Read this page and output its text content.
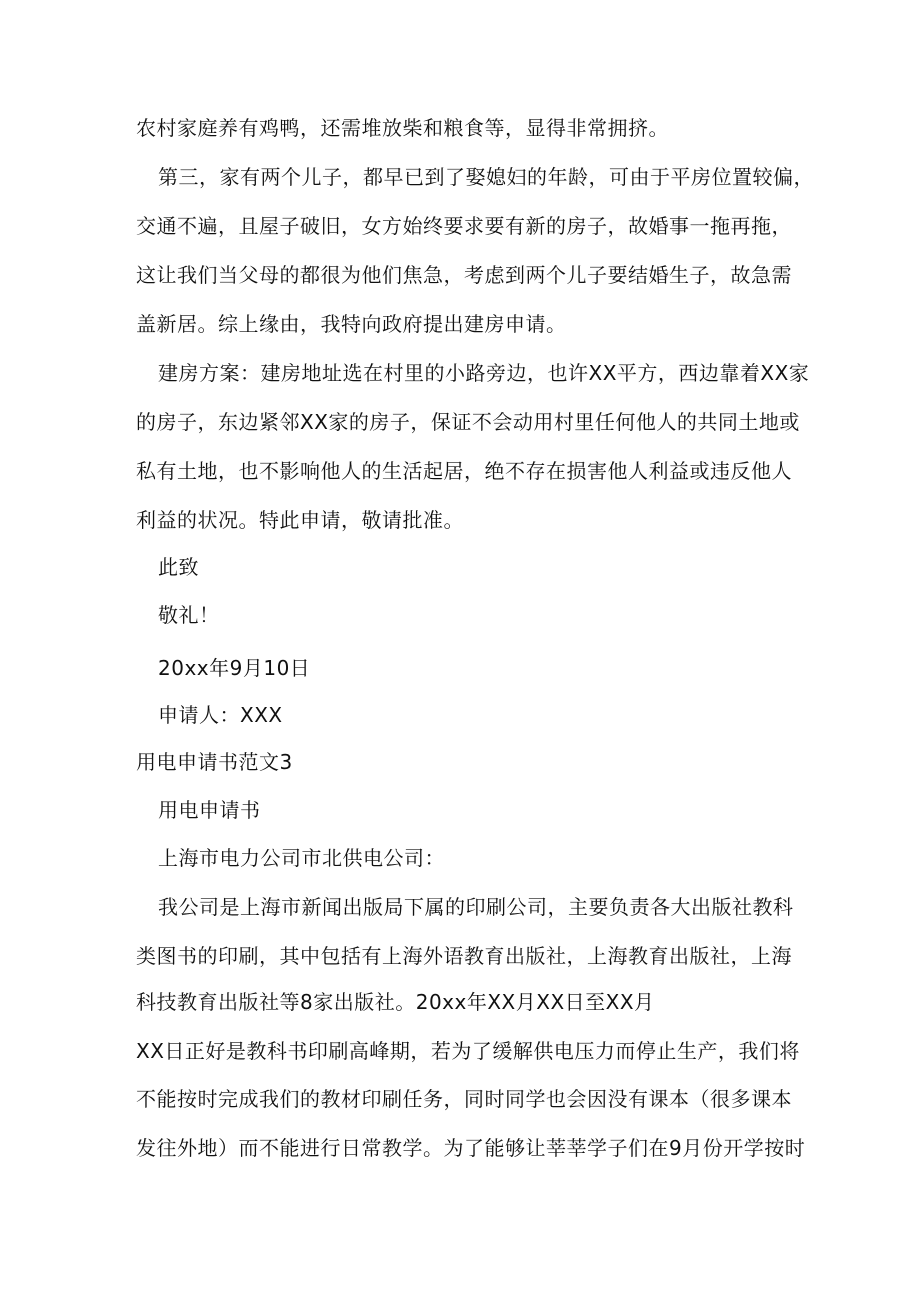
农村家庭养有鸡鸭，还需堆放柴和粮食等，显得非常拥挤。
第三，家有两个儿子，都早已到了娶媳妇的年龄，可由于平房位置较偏，
交通不遍，且屋子破旧，女方始终要求要有新的房子，故婚事一拖再拖，
这让我们当父母的都很为他们焦急，考虑到两个儿子要结婚生子，故急需
盖新居。综上缘由，我特向政府提出建房申请。
建房方案：建房地址选在村里的小路旁边，也许XX平方，西边靠着XX家
的房子，东边紧邻XX家的房子，保证不会动用村里任何他人的共同土地或
私有土地，也不影响他人的生活起居，绝不存在损害他人利益或违反他人
利益的状况。特此申请，敬请批准。
此致
敬礼！
20xx年9月10日
申请人：XXX
用电申请书范文3
用电申请书
上海市电力公司市北供电公司：
我公司是上海市新闻出版局下属的印刷公司，主要负责各大出版社教科
类图书的印刷，其中包括有上海外语教育出版社，上海教育出版社，上海
科技教育出版社等8家出版社。20xx年XX月XX日至XX月
XX日正好是教科书印刷高峰期，若为了缓解供电压力而停止生产，我们将
不能按时完成我们的教材印刷任务，同时同学也会因没有课本（很多课本
发往外地）而不能进行日常教学。为了能够让莘莘学子们在9月份开学按时
